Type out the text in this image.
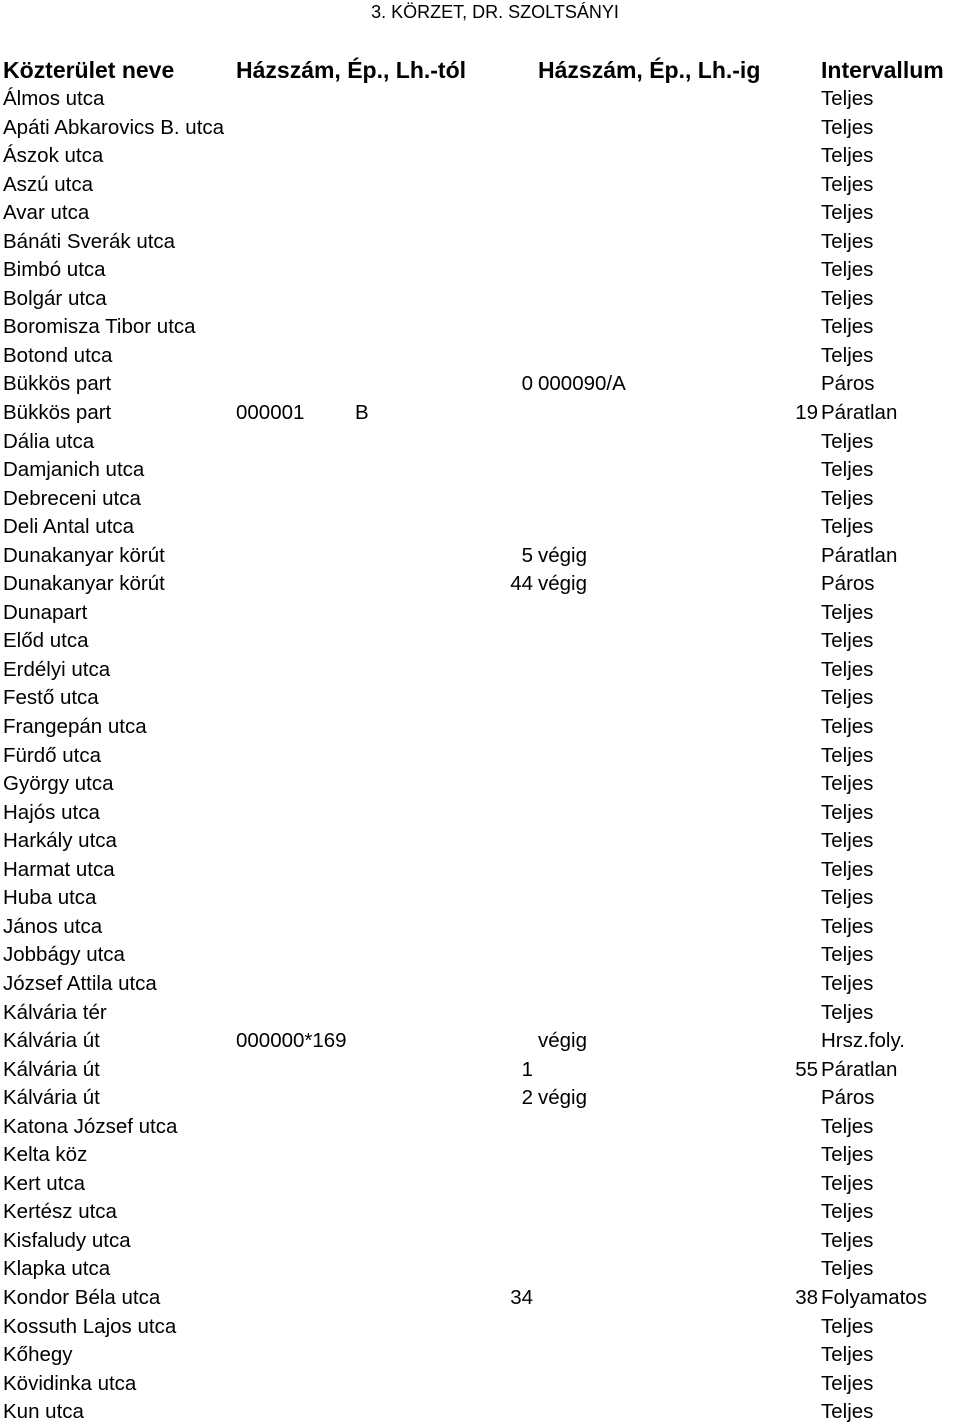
3. KÖRZET, DR. SZOLTSÁNYI
Közterület neve	Házszám, Ép., Lh.-tól	Házszám, Ép., Lh.-ig	Intervallum
Álmos utca	Teljes
Apáti Abkarovics B. utca	Teljes
Ászok utca	Teljes
Aszú utca	Teljes
Avar utca	Teljes
Bánáti Sverák utca	Teljes
Bimbó utca	Teljes
Bolgár utca	Teljes
Boromisza Tibor utca	Teljes
Botond utca	Teljes
Bükkös part	0 000090/A	Páros
Bükkös part	000001 B	19 Páratlan
Dália utca	Teljes
Damjanich utca	Teljes
Debreceni utca	Teljes
Deli Antal utca	Teljes
Dunakanyar körút	5 végig	Páratlan
Dunakanyar körút	44 végig	Páros
Dunapart	Teljes
Előd utca	Teljes
Erdélyi utca	Teljes
Festő utca	Teljes
Frangepán utca	Teljes
Fürdő utca	Teljes
György utca	Teljes
Hajós utca	Teljes
Harkály utca	Teljes
Harmat utca	Teljes
Huba utca	Teljes
János utca	Teljes
Jobbágy utca	Teljes
József Attila utca	Teljes
Kálvária tér	Teljes
Kálvária út	000000*169	végig	Hrsz.foly.
Kálvária út	1	55 Páratlan
Kálvária út	2 végig	Páros
Katona József utca	Teljes
Kelta köz	Teljes
Kert utca	Teljes
Kertész utca	Teljes
Kisfaludy utca	Teljes
Klapka utca	Teljes
Kondor Béla utca	34	38 Folyamatos
Kossuth Lajos utca	Teljes
Kőhegy	Teljes
Kövidinka utca	Teljes
Kun utca	Teljes
